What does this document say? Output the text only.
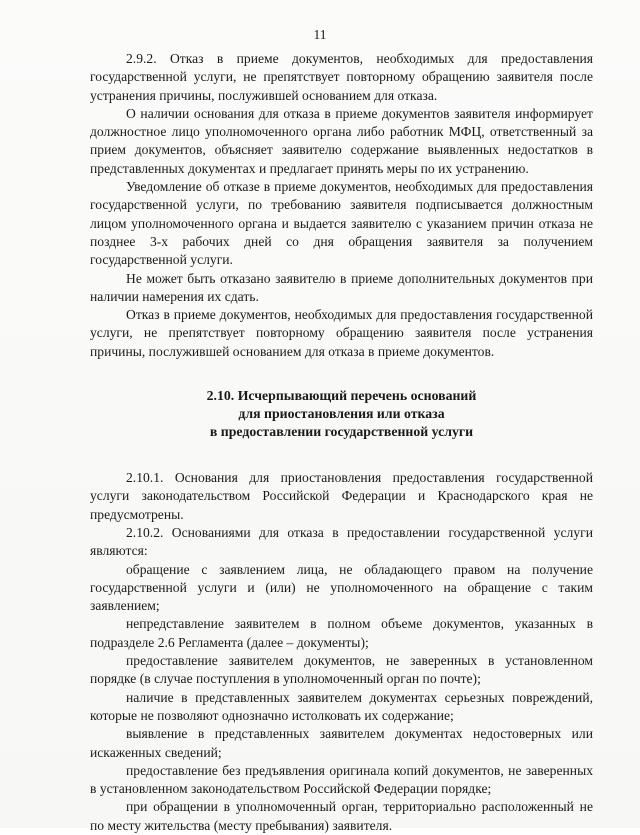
11

2.9.2. Отказ в приеме документов, необходимых для предоставления государственной услуги, не препятствует повторному обращению заявителя после устранения причины, послужившей основанием для отказа.

О наличии основания для отказа в приеме документов заявителя информирует должностное лицо уполномоченного органа либо работник МФЦ, ответственный за прием документов, объясняет заявителю содержание выявленных недостатков в представленных документах и предлагает принять меры по их устранению.

Уведомление об отказе в приеме документов, необходимых для предоставления государственной услуги, по требованию заявителя подписывается должностным лицом уполномоченного органа и выдается заявителю с указанием причин отказа не позднее 3-х рабочих дней со дня обращения заявителя за получением государственной услуги.

Не может быть отказано заявителю в приеме дополнительных документов при наличии намерения их сдать.

Отказ в приеме документов, необходимых для предоставления государственной услуги, не препятствует повторному обращению заявителя после устранения причины, послужившей основанием для отказа в приеме документов.

2.10. Исчерпывающий перечень оснований
для приостановления или отказа
в предоставлении государственной услуги

2.10.1. Основания для приостановления предоставления государственной услуги законодательством Российской Федерации и Краснодарского края не предусмотрены.

2.10.2. Основаниями для отказа в предоставлении государственной услуги являются:

обращение с заявлением лица, не обладающего правом на получение государственной услуги и (или) не уполномоченного на обращение с таким заявлением;

непредставление заявителем в полном объеме документов, указанных в подразделе 2.6 Регламента (далее – документы);

предоставление заявителем документов, не заверенных в установленном порядке (в случае поступления в уполномоченный орган по почте);

наличие в представленных заявителем документах серьезных повреждений, которые не позволяют однозначно истолковать их содержание;

выявление в представленных заявителем документах недостоверных или искаженных сведений;

предоставление без предъявления оригинала копий документов, не заверенных в установленном законодательством Российской Федерации порядке;

при обращении в уполномоченный орган, территориально расположенный не по месту жительства (месту пребывания) заявителя.
